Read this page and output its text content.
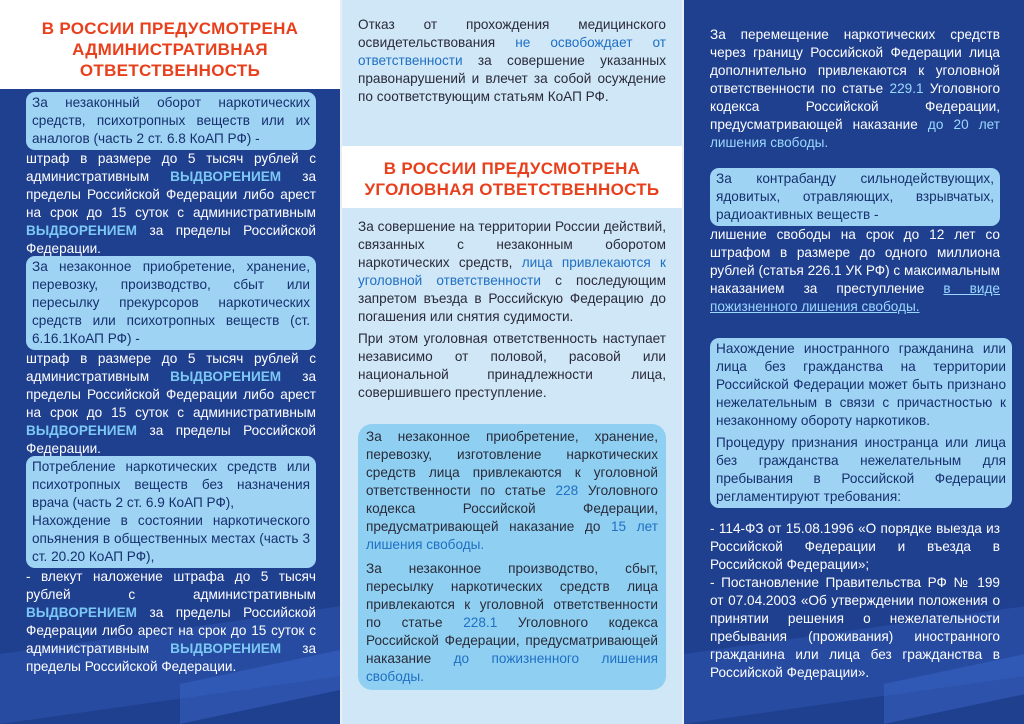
В РОССИИ ПРЕДУСМОТРЕНА АДМИНИСТРАТИВНАЯ ОТВЕТСТВЕННОСТЬ

За незаконный оборот наркотических средств, психотропных веществ или их аналогов (часть 2 ст. 6.8 КоАП РФ) -

штраф в размере до 5 тысяч рублей с административным ВЫДВОРЕНИЕМ за пределы Российской Федерации либо арест на срок до 15 суток с административным ВЫДВОРЕНИЕМ за пределы Российской Федерации.

За незаконное приобретение, хранение, перевозку, производство, сбыт или пересылку прекурсоров наркотических средств или психотропных веществ (ст. 6.16.1КоАП РФ) -

штраф в размере до 5 тысяч рублей с административным ВЫДВОРЕНИЕМ за пределы Российской Федерации либо арест на срок до 15 суток с административным ВЫДВОРЕНИЕМ за пределы Российской Федерации.

Потребление наркотических средств или психотропных веществ без назначения врача (часть 2 ст. 6.9 КоАП РФ),

Нахождение в состоянии наркотического опьянения в общественных местах (часть 3 ст. 20.20 КоАП РФ),

- влекут наложение штрафа до 5 тысяч рублей с административным ВЫДВОРЕНИЕМ за пределы Российской Федерации либо арест на срок до 15 суток с административным ВЫДВОРЕНИЕМ за пределы Российской Федерации.

Отказ от прохождения медицинского освидетельствования не освобождает от ответственности за совершение указанных правонарушений и влечет за собой осуждение по соответствующим статьям КоАП РФ.
В РОССИИ ПРЕДУСМОТРЕНА УГОЛОВНАЯ ОТВЕТСТВЕННОСТЬ

За совершение на территории России действий, связанных с незаконным оборотом наркотических средств, лица привлекаются к уголовной ответственности с последующим запретом въезда в Российскую Федерацию до погашения или снятия судимости.

При этом уголовная ответственность наступает независимо от половой, расовой или национальной принадлежности лица, совершившего преступление.

За незаконное приобретение, хранение, перевозку, изготовление наркотических средств лица привлекаются к уголовной ответственности по статье 228 Уголовного кодекса Российской Федерации, предусматривающей наказание до 15 лет лишения свободы.

За незаконное производство, сбыт, пересылку наркотических средств лица привлекаются к уголовной ответственности по статье 228.1 Уголовного кодекса Российской Федерации, предусматривающей наказание до пожизненного лишения свободы.

За перемещение наркотических средств через границу Российской Федерации лица дополнительно привлекаются к уголовной ответственности по статье 229.1 Уголовного кодекса Российской Федерации, предусматривающей наказание до 20 лет лишения свободы.

За контрабанду сильнодействующих, ядовитых, отравляющих, взрывчатых, радиоактивных веществ -

лишение свободы на срок до 12 лет со штрафом в размере до одного миллиона рублей (статья 226.1 УК РФ) с максимальным наказанием за преступление в виде пожизненного лишения свободы.

Нахождение иностранного гражданина или лица без гражданства на территории Российской Федерации может быть признано нежелательным в связи с причастностью к незаконному обороту наркотиков.

Процедуру признания иностранца или лица без гражданства нежелательным для пребывания в Российской Федерации регламентируют требования:

- 114-ФЗ от 15.08.1996 «О порядке выезда из Российской Федерации и въезда в Российской Федерации»;

- Постановление Правительства РФ № 199 от 07.04.2003 «Об утверждении положения о принятии решения о нежелательности пребывания (проживания) иностранного гражданина или лица без гражданства в Российской Федерации».
